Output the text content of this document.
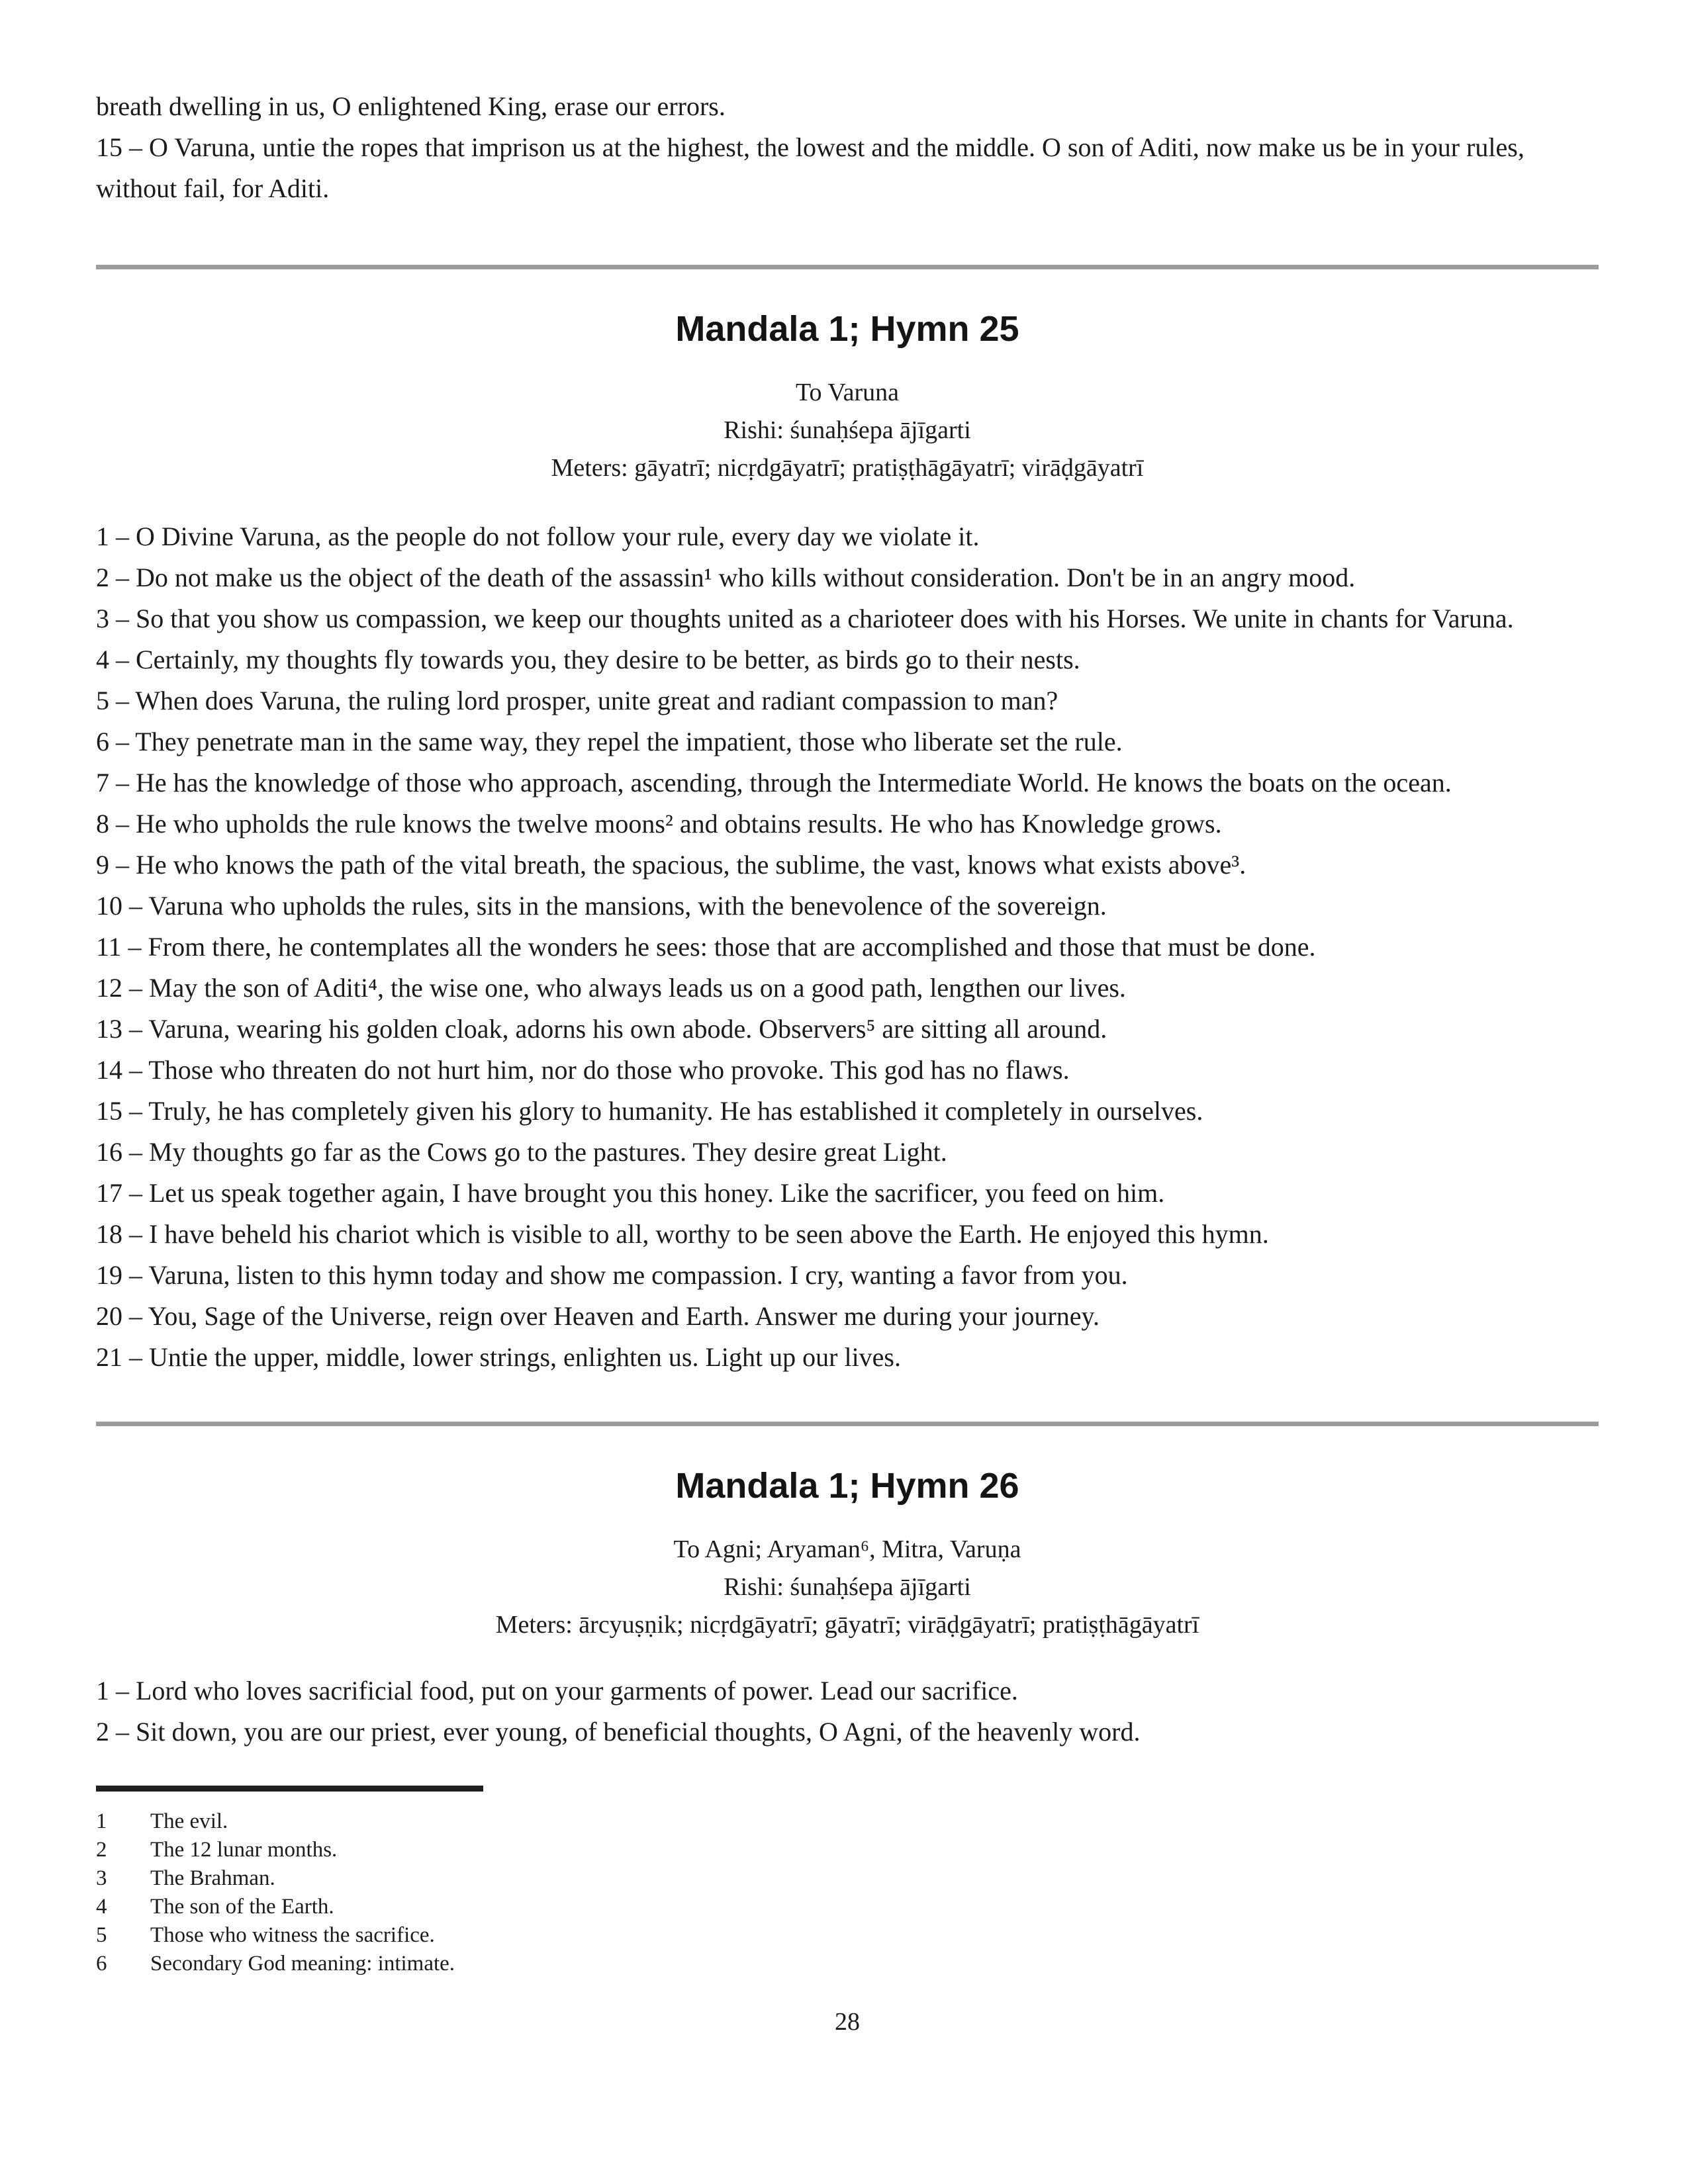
breath dwelling in us, O enlightened King, erase our errors.

15 – O Varuna, untie the ropes that imprison us at the highest, the lowest and the middle. O son of Aditi, now make us be in your rules, without fail, for Aditi.

Mandala 1; Hymn 25
To Varuna
Rishi: śunaḥśepa ājīgarti
Meters: gāyatrī; nicṛdgāyatrī; pratiṣṭhāgāyatrī; virāḍgāyatrī

1 – O Divine Varuna, as the people do not follow your rule, every day we violate it.

2 – Do not make us the object of the death of the assassin¹ who kills without consideration. Don't be in an angry mood.

3 – So that you show us compassion, we keep our thoughts united as a charioteer does with his Horses. We unite in chants for Varuna.

4 – Certainly, my thoughts fly towards you, they desire to be better, as birds go to their nests.

5 – When does Varuna, the ruling lord prosper, unite great and radiant compassion to man?

6 – They penetrate man in the same way, they repel the impatient, those who liberate set the rule.

7 – He has the knowledge of those who approach, ascending, through the Intermediate World. He knows the boats on the ocean.

8 – He who upholds the rule knows the twelve moons² and obtains results. He who has Knowledge grows.

9 – He who knows the path of the vital breath, the spacious, the sublime, the vast, knows what exists above³.

10 – Varuna who upholds the rules, sits in the mansions, with the benevolence of the sovereign.

11 – From there, he contemplates all the wonders he sees: those that are accomplished and those that must be done.

12 – May the son of Aditi⁴, the wise one, who always leads us on a good path, lengthen our lives.

13 – Varuna, wearing his golden cloak, adorns his own abode. Observers⁵ are sitting all around.

14 – Those who threaten do not hurt him, nor do those who provoke. This god has no flaws.

15 – Truly, he has completely given his glory to humanity. He has established it completely in ourselves.

16 – My thoughts go far as the Cows go to the pastures. They desire great Light.

17 – Let us speak together again, I have brought you this honey. Like the sacrificer, you feed on him.

18 – I have beheld his chariot which is visible to all, worthy to be seen above the Earth. He enjoyed this hymn.

19 – Varuna, listen to this hymn today and show me compassion. I cry, wanting a favor from you.

20 – You, Sage of the Universe, reign over Heaven and Earth. Answer me during your journey.

21 – Untie the upper, middle, lower strings, enlighten us. Light up our lives.

Mandala 1; Hymn 26
To Agni; Aryaman⁶, Mitra, Varuṇa
Rishi: śunaḥśepa ājīgarti
Meters: ārcyuṣṇik; nicṛdgāyatrī; gāyatrī; virāḍgāyatrī; pratiṣṭhāgāyatrī

1 – Lord who loves sacrificial food, put on your garments of power. Lead our sacrifice.

2 – Sit down, you are our priest, ever young, of beneficial thoughts, O Agni, of the heavenly word.

1	The evil.
2	The 12 lunar months.
3	The Brahman.
4	The son of the Earth.
5	Those who witness the sacrifice.
6	Secondary God meaning: intimate.
28
